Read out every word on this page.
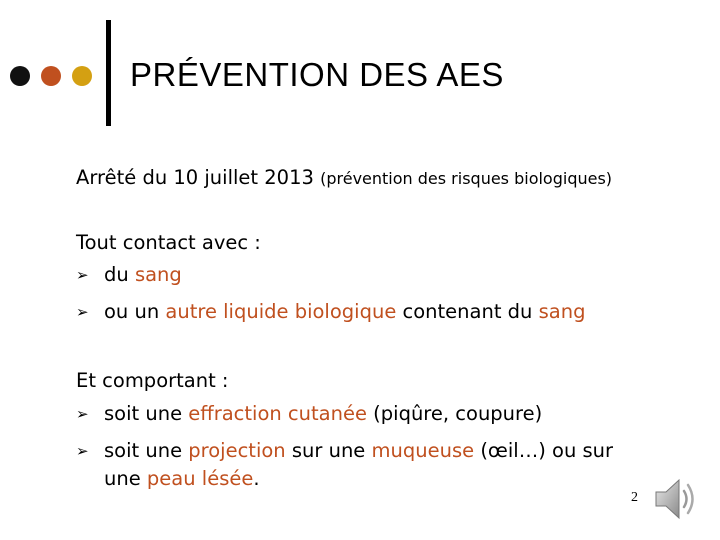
PRÉVENTION DES AES
Arrêté du 10 juillet 2013 (prévention des risques biologiques)
Tout contact avec :
➢ du sang
➢ ou un autre liquide biologique contenant du sang
Et comportant :
➢ soit une effraction cutanée (piqûre, coupure)
➢ soit une projection sur une muqueuse (œil…) ou sur
une peau lésée.
2
